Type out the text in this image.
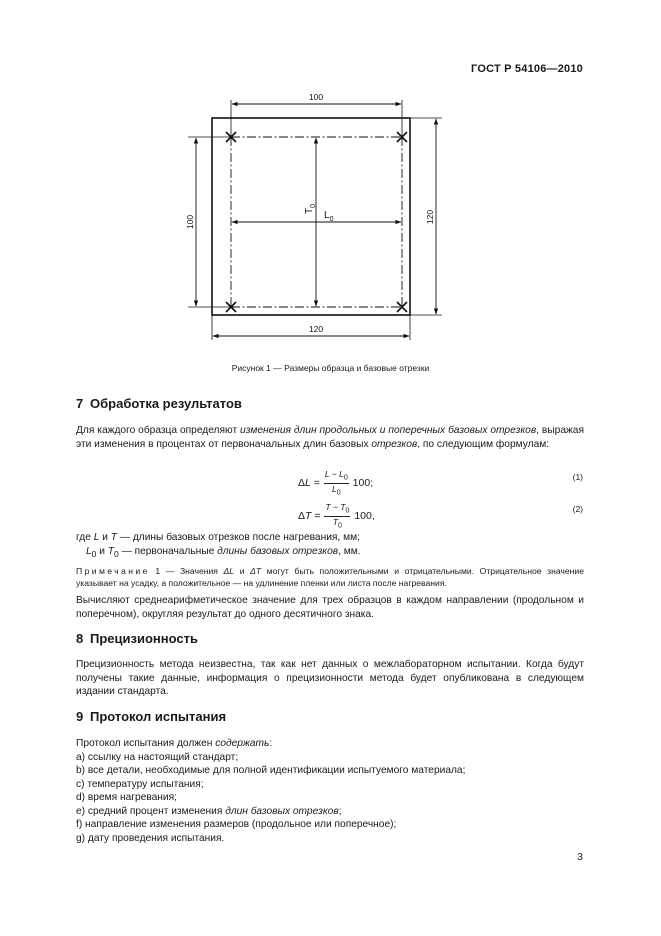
ГОСТ Р 54106—2010
100
120
100	120
$T_0$
$L_0$
Рисунок 1 — Размеры образца и базовые отрезки
7 Обработка результатов
Для каждого образца определяют изменения длин продольных и поперечных базовых отрезков, выражая эти изменения в процентах от первоначальных длин базовых отрезков, по следующим формулам:
$\Delta L = \frac{L - L_0}{L_0} 100$;	(1)
$\Delta T = \frac{T - T_0}{T_0} 100$,
(2)
где L и T — длины базовых отрезков после нагревания, мм;
$L_0$ и $T_0$ — первоначальные длины базовых отрезков, мм.
Примечание 1 — Значения ΔL и ΔT могут быть положительными и отрицательными. Отрицательное значение указывает на усадку, а положительное — на удлинение пленки или листа после нагревания.
Вычисляют среднеарифметическое значение для трех образцов в каждом направлении (продольном и поперечном), округляя результат до одного десятичного знака.
8 Прецизионность
Прецизионность метода неизвестна, так как нет данных о межлабораторном испытании. Когда будут получены такие данные, информация о прецизионности метода будет опубликована в следующем издании стандарта.
9 Протокол испытания
Протокол испытания должен содержать:
a) ссылку на настоящий стандарт;
b) все детали, необходимые для полной идентификации испытуемого материала;
c) температуру испытания;
d) время нагревания;
e) средний процент изменения длин базовых отрезков;
f) направление изменения размеров (продольное или поперечное);
g) дату проведения испытания.
3
